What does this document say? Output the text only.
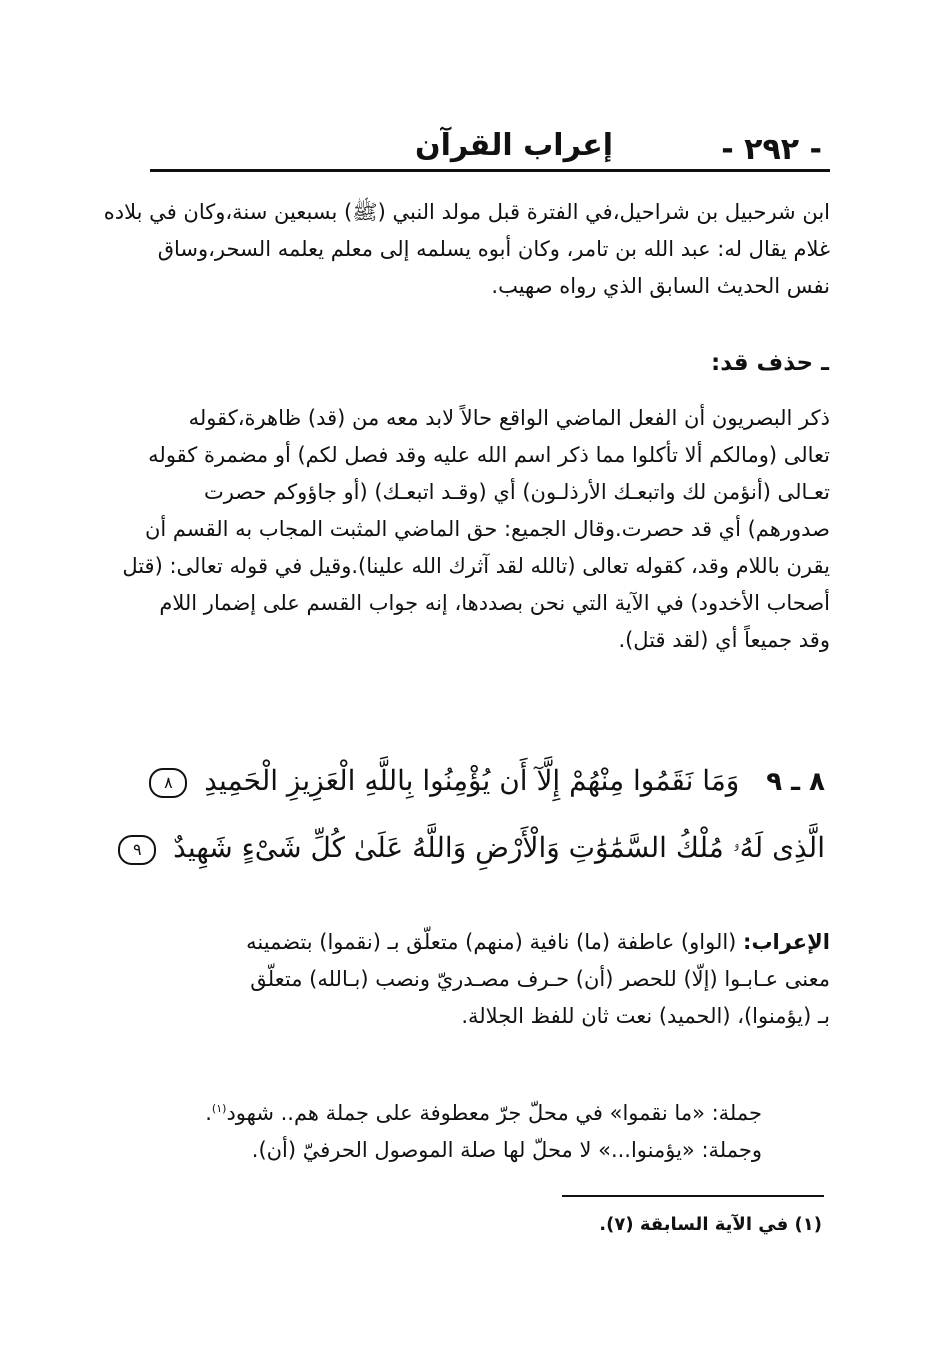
- ٢٩٢ -
إعراب القرآن
ابن شرحبيل بن شراحيل،في الفترة قبل مولد النبي (ﷺ) بسبعين سنة،وكان في بلاده
غلام يقال له: عبد الله بن تامر، وكان أبوه يسلمه إلى معلم يعلمه السحر،وساق
نفس الحديث السابق الذي رواه صهيب.
ـ حذف قد:
ذكر البصريون أن الفعل الماضي الواقع حالاً لابد معه من (قد) ظاهرة،كقوله
تعالى (ومالكم ألا تأكلوا مما ذكر اسم الله عليه وقد فصل لكم) أو مضمرة كقوله
تعـالى (أنؤمن لك واتبعـك الأرذلـون) أي (وقـد اتبعـك) (أو جاؤوكم حصرت
صدورهم) أي قد حصرت.وقال الجميع: حق الماضي المثبت المجاب به القسم أن
يقرن باللام وقد، كقوله تعالى (تالله لقد آثرك الله علينا).وقيل في قوله تعالى: (قتل
أصحاب الأخدود) في الآية التي نحن بصددها، إنه جواب القسم على إضمار اللام
وقد جميعاً أي (لقد قتل).
٨ ـ ٩ وَمَا نَقَمُوا مِنْهُمْ إِلَّآ أَن يُؤْمِنُوا بِاللَّهِ الْعَزِيزِ الْحَمِيدِ ٨
الَّذِى لَهُۥ مُلْكُ السَّمَٰوَٰتِ وَالْأَرْضِ وَاللَّهُ عَلَىٰ كُلِّ شَىْءٍ شَهِيدٌ ٩
الإعراب: (الواو) عاطفة (ما) نافية (منهم) متعلّق بـ (نقموا) بتضمينه
معنى عـابـوا (إلّا) للحصر (أن) حـرف مصـدريّ ونصب (بـالله) متعلّق
بـ (يؤمنوا)، (الحميد) نعت ثان للفظ الجلالة.
جملة: «ما نقموا» في محلّ جرّ معطوفة على جملة هم.. شهود$^{(١)}$.
وجملة: «يؤمنوا...» لا محلّ لها صلة الموصول الحرفيّ (أن).
(١) في الآية السابقة (٧).
